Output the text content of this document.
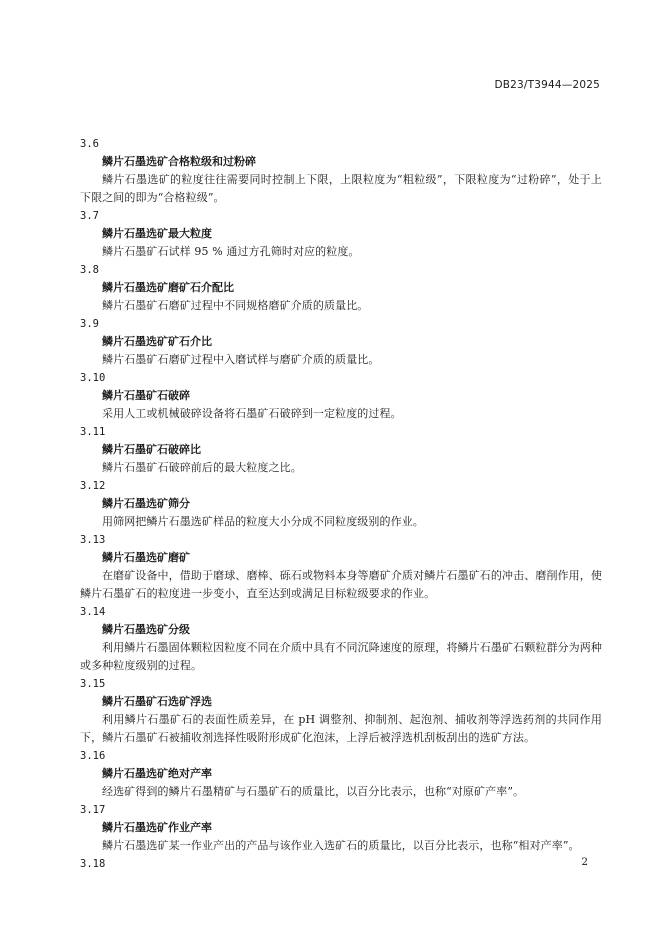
DB23/T3944—2025
3.6
鳞片石墨选矿合格粒级和过粉碎
鳞片石墨选矿的粒度往往需要同时控制上下限，上限粒度为“粗粒级”，下限粒度为“过粉碎”，处于上下限之间的即为“合格粒级”。
3.7
鳞片石墨选矿最大粒度
鳞片石墨矿石试样 95 % 通过方孔筛时对应的粒度。
3.8
鳞片石墨选矿磨矿石介配比
鳞片石墨矿石磨矿过程中不同规格磨矿介质的质量比。
3.9
鳞片石墨选矿矿石介比
鳞片石墨矿石磨矿过程中入磨试样与磨矿介质的质量比。
3.10
鳞片石墨矿石破碎
采用人工或机械破碎设备将石墨矿石破碎到一定粒度的过程。
3.11
鳞片石墨矿石破碎比
鳞片石墨矿石破碎前后的最大粒度之比。
3.12
鳞片石墨选矿筛分
用筛网把鳞片石墨选矿样品的粒度大小分成不同粒度级别的作业。
3.13
鳞片石墨选矿磨矿
在磨矿设备中，借助于磨球、磨棒、砾石或物料本身等磨矿介质对鳞片石墨矿石的冲击、磨削作用，使鳞片石墨矿石的粒度进一步变小，直至达到或满足目标粒级要求的作业。
3.14
鳞片石墨选矿分级
利用鳞片石墨固体颗粒因粒度不同在介质中具有不同沉降速度的原理，将鳞片石墨矿石颗粒群分为两种或多种粒度级别的过程。
3.15
鳞片石墨矿石选矿浮选
利用鳞片石墨矿石的表面性质差异，在 pH 调整剂、抑制剂、起泡剂、捕收剂等浮选药剂的共同作用下，鳞片石墨矿石被捕收剂选择性吸附形成矿化泡沫，上浮后被浮选机刮板刮出的选矿方法。
3.16
鳞片石墨选矿绝对产率
经选矿得到的鳞片石墨精矿与石墨矿石的质量比，以百分比表示，也称“对原矿产率”。
3.17
鳞片石墨选矿作业产率
鳞片石墨选矿某一作业产出的产品与该作业入选矿石的质量比，以百分比表示，也称“相对产率”。
3.18	2
